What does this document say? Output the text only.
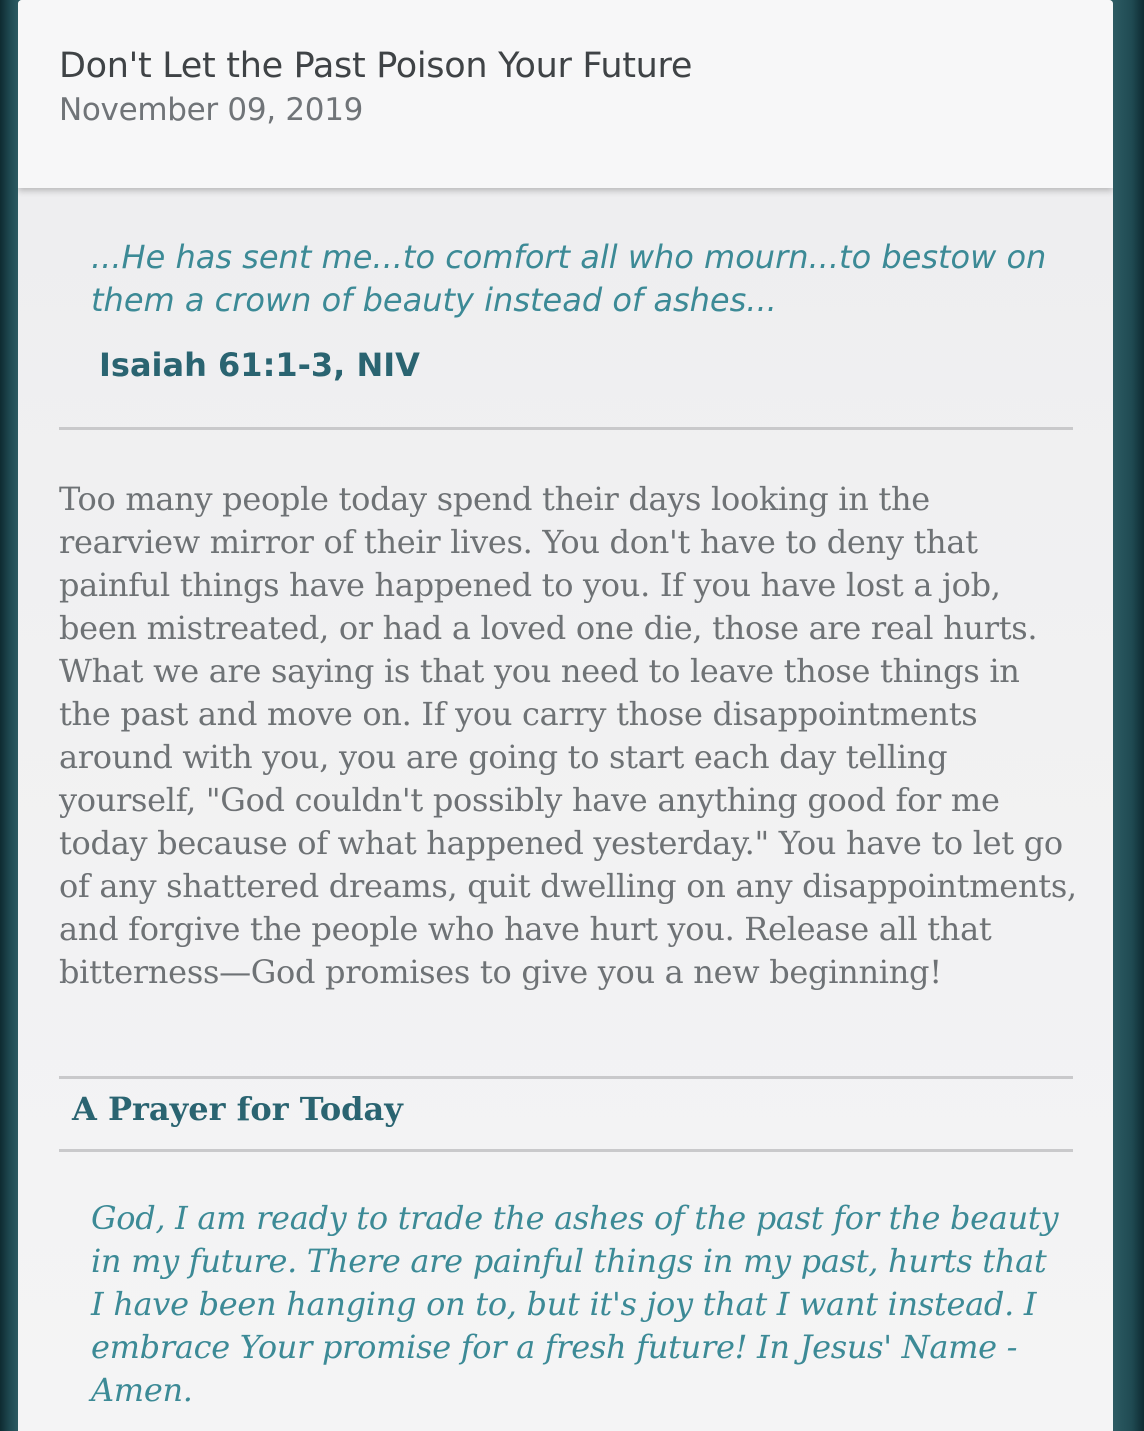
Don't Let the Past Poison Your Future
November 09, 2019
...He has sent me...to comfort all who mourn...to bestow on them a crown of beauty instead of ashes...
Isaiah 61:1-3, NIV
Too many people today spend their days looking in the rearview mirror of their lives. You don't have to deny that painful things have happened to you. If you have lost a job, been mistreated, or had a loved one die, those are real hurts. What we are saying is that you need to leave those things in the past and move on. If you carry those disappointments around with you, you are going to start each day telling yourself, "God couldn't possibly have anything good for me today because of what happened yesterday." You have to let go of any shattered dreams, quit dwelling on any disappointments, and forgive the people who have hurt you. Release all that bitterness—God promises to give you a new beginning!
A Prayer for Today
God, I am ready to trade the ashes of the past for the beauty in my future. There are painful things in my past, hurts that I have been hanging on to, but it's joy that I want instead. I embrace Your promise for a fresh future! In Jesus' Name - Amen.
